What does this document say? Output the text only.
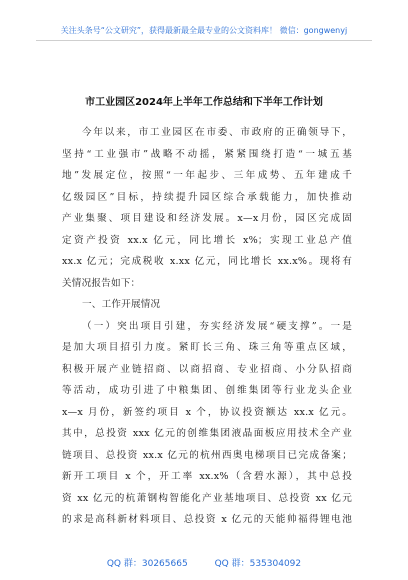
关注头条号“公文研究”，获得最新最全最专业的公文资料库！ 微信：gongwenyj
市工业园区2024年上半年工作总结和下半年工作计划
今年以来，市工业园区在市委、市政府的正确领导下，
坚持“工业强市”战略不动摇，紧紧围绕打造“一城五基
地”发展定位，按照“一年起步、三年成势、五年建成千
亿级园区”目标，持续提升园区综合承载能力，加快推动
产业集聚、项目建设和经济发展。x—x月份，园区完成固
定资产投资 xx.x 亿元，同比增长 x%；实现工业总产值
xx.x 亿元；完成税收 x.xx 亿元，同比增长 xx.x%。现将有
关情况报告如下：
一、工作开展情况
（一）突出项目引建，夯实经济发展“硬支撑”。一是
是加大项目招引力度。紧盯长三角、珠三角等重点区域，
积极开展产业链招商、以商招商、专业招商、小分队招商
等活动，成功引进了中粮集团、创维集团等行业龙头企业
x—x 月份，新签约项目 x 个，协议投资额达 xx.x 亿元。
其中，总投资 xxx 亿元的创维集团液晶面板应用技术全产业
链项目、总投资 xx.x 亿元的杭州西奥电梯项目已完成备案；
新开工项目 x 个，开工率 xx.x%（含碧水源），其中总投
资 xx 亿元的杭萧钢构智能化产业基地项目、总投资 xx 亿元
的求是高科新材料项目、总投资 x 亿元的天能帅福得锂电池
QQ 群：30265665	QQ 群：535304092
